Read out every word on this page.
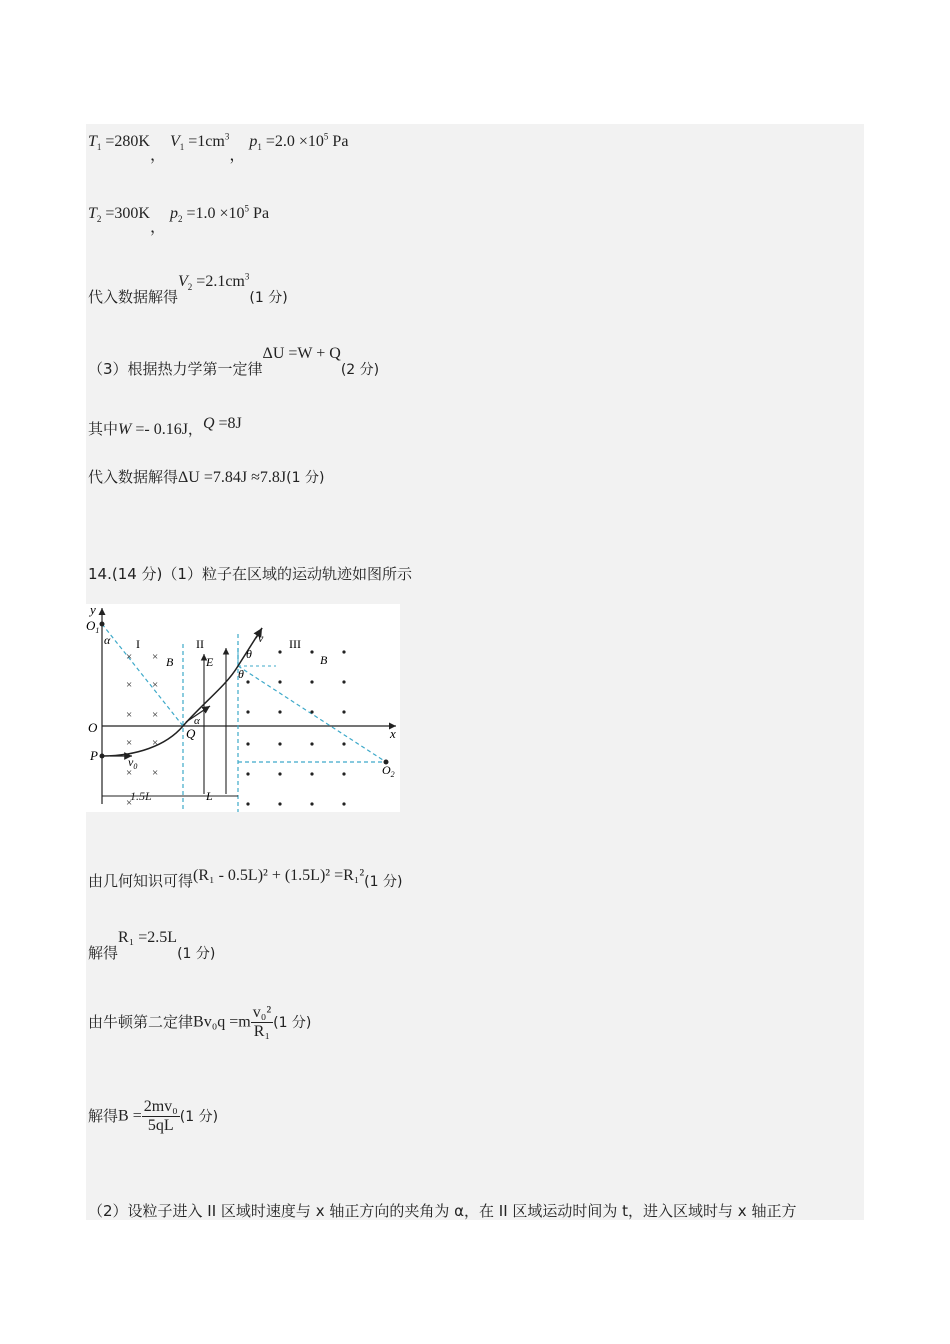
$T_1 =280K$， $V_1 =1cm^3$， $p_1 =2.0 \times 10^5$ Pa
$T_2 =300K$， $p_2 =1.0 \times 10^5$ Pa
代入数据解得$V_2 =2.1cm^3(1$ 分)
（3）根据热力学第一定律ΔU =W + Q(2 分)
其中W =- 0.16J，Q =8J
代入数据解得ΔU =7.84J ≈7.8J(1 分)
14.(14 分)（1）粒子在区域的运动轨迹如图所示
× ×
× ×
× ×
× ×
× ×
×
y
x
O
$O_1$
$O_2$
P
Q
$v_0$
v
α
α
θ
θ
I	II	III
B	B
E
1.5L	L
由几何知识可得(R₁ - 0.5L)² + (1.5L)² =R₁²(1 分)
解得R₁ =2.5L(1 分)
由牛顿第二定律$Bv_0q =m \frac{\text{v₀²}}{\text{R₁}} (1$ 分)
解得$B = \frac{\text{2mv₀}}{5qL} (1$ 分)
（2）设粒子进入 II 区域时速度与 x 轴正方向的夹角为 α，在 II 区域运动时间为 t，进入区域时与 x 轴正方
